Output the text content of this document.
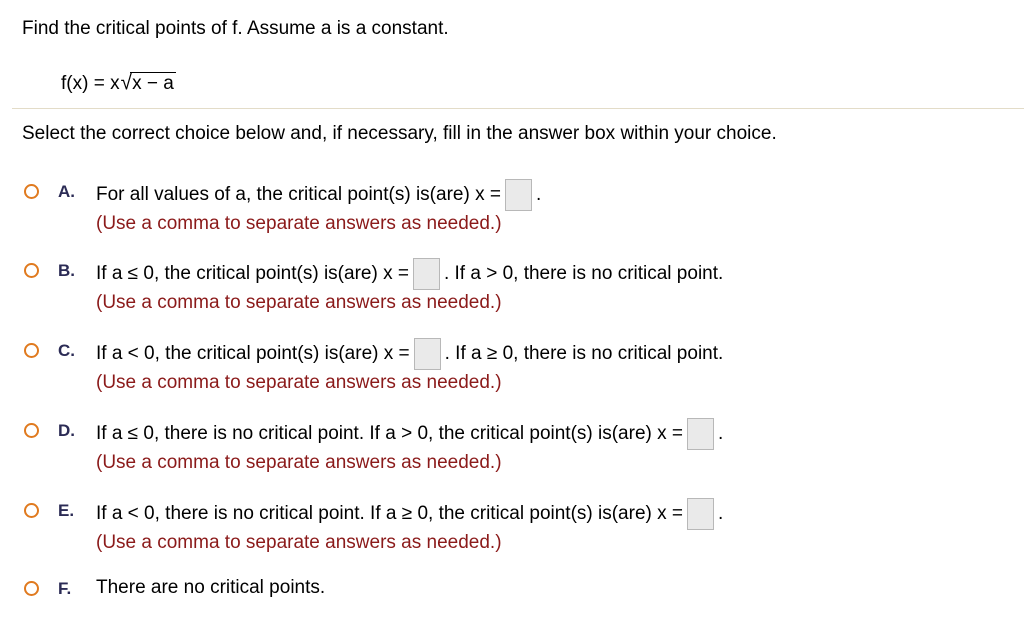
Find the critical points of f. Assume a is a constant.
f(x) = x √x − a
Select the correct choice below and, if necessary, fill in the answer box within your choice.
A. For all values of a, the critical point(s) is(are) x = .
(Use a comma to separate answers as needed.)
B. If a ≤ 0, the critical point(s) is(are) x = . If a > 0, there is no critical point.
(Use a comma to separate answers as needed.)
C. If a < 0, the critical point(s) is(are) x = . If a ≥ 0, there is no critical point.
(Use a comma to separate answers as needed.)
D. If a ≤ 0, there is no critical point. If a > 0, the critical point(s) is(are) x = .
(Use a comma to separate answers as needed.)
E. If a < 0, there is no critical point. If a ≥ 0, the critical point(s) is(are) x = .
(Use a comma to separate answers as needed.)
F. There are no critical points.
